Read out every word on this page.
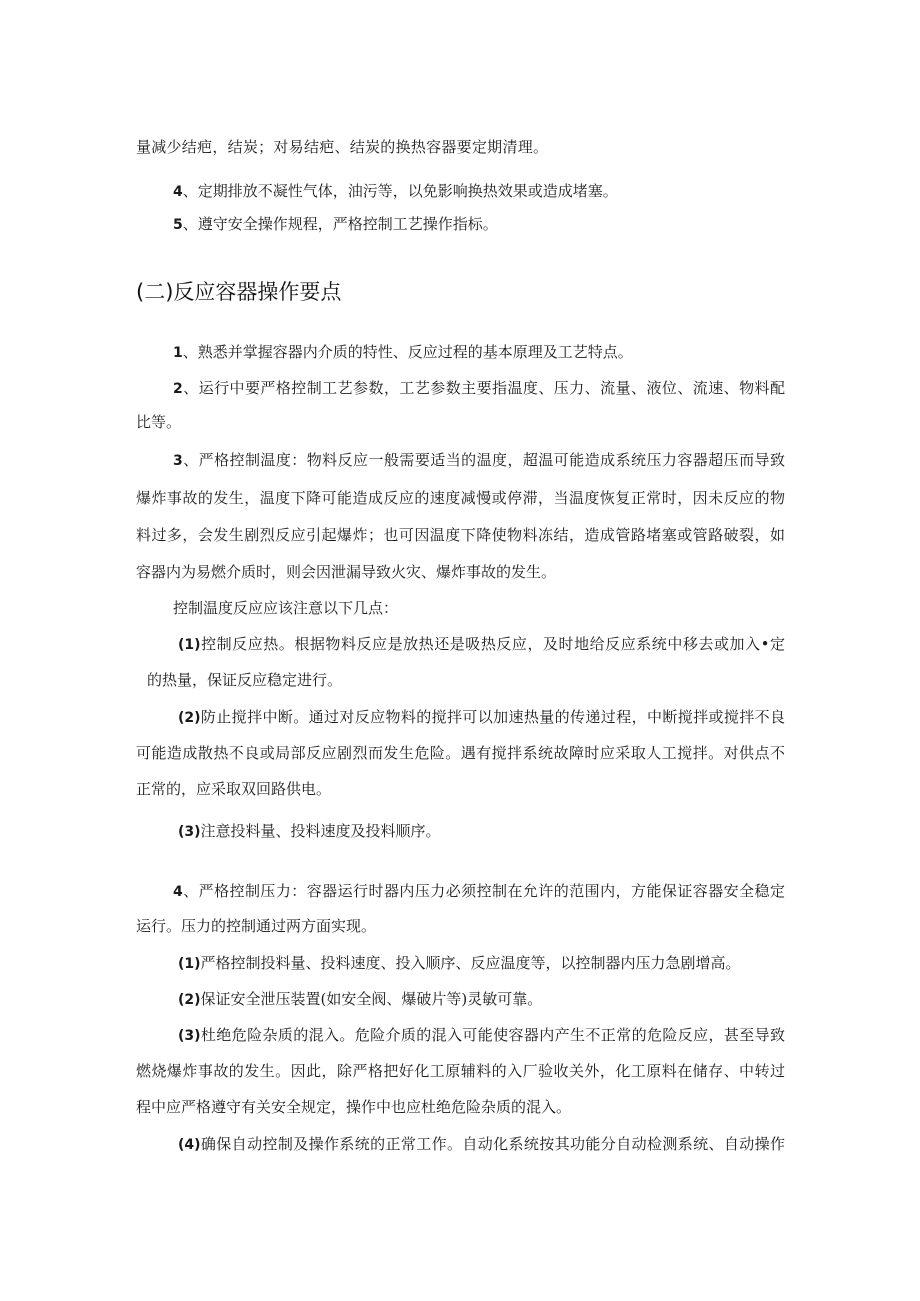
量减少结疤，结炭；对易结疤、结炭的换热容器要定期清理。

4、定期排放不凝性气体，油污等，以免影响换热效果或造成堵塞。

5、遵守安全操作规程，严格控制工艺操作指标。

(二)反应容器操作要点

1、熟悉并掌握容器内介质的特性、反应过程的基本原理及工艺特点。

2、运行中要严格控制工艺参数，工艺参数主要指温度、压力、流量、液位、流速、物料配

比等。

3、严格控制温度：物料反应一般需要适当的温度，超温可能造成系统压力容器超压而导致

爆炸事故的发生，温度下降可能造成反应的速度减慢或停滞，当温度恢复正常时，因未反应的物

料过多，会发生剧烈反应引起爆炸；也可因温度下降使物料冻结，造成管路堵塞或管路破裂，如

容器内为易燃介质时，则会因泄漏导致火灾、爆炸事故的发生。

控制温度反应应该注意以下几点：

(1)控制反应热。根据物料反应是放热还是吸热反应，及时地给反应系统中移去或加入•定

的热量，保证反应稳定进行。

(2)防止搅拌中断。通过对反应物料的搅拌可以加速热量的传递过程，中断搅拌或搅拌不良

可能造成散热不良或局部反应剧烈而发生危险。遇有搅拌系统故障时应采取人工搅拌。对供点不

正常的，应采取双回路供电。

(3)注意投料量、投料速度及投料顺序。

4、严格控制压力：容器运行时器内压力必须控制在允许的范围内，方能保证容器安全稳定

运行。压力的控制通过两方面实现。

(1)严格控制投料量、投料速度、投入顺序、反应温度等，以控制器内压力急剧增高。

(2)保证安全泄压装置(如安全阀、爆破片等)灵敏可靠。

(3)杜绝危险杂质的混入。危险介质的混入可能使容器内产生不正常的危险反应，甚至导致

燃烧爆炸事故的发生。因此，除严格把好化工原辅料的入厂验收关外，化工原料在储存、中转过

程中应严格遵守有关安全规定，操作中也应杜绝危险杂质的混入。

(4)确保自动控制及操作系统的正常工作。自动化系统按其功能分自动检测系统、自动操作
